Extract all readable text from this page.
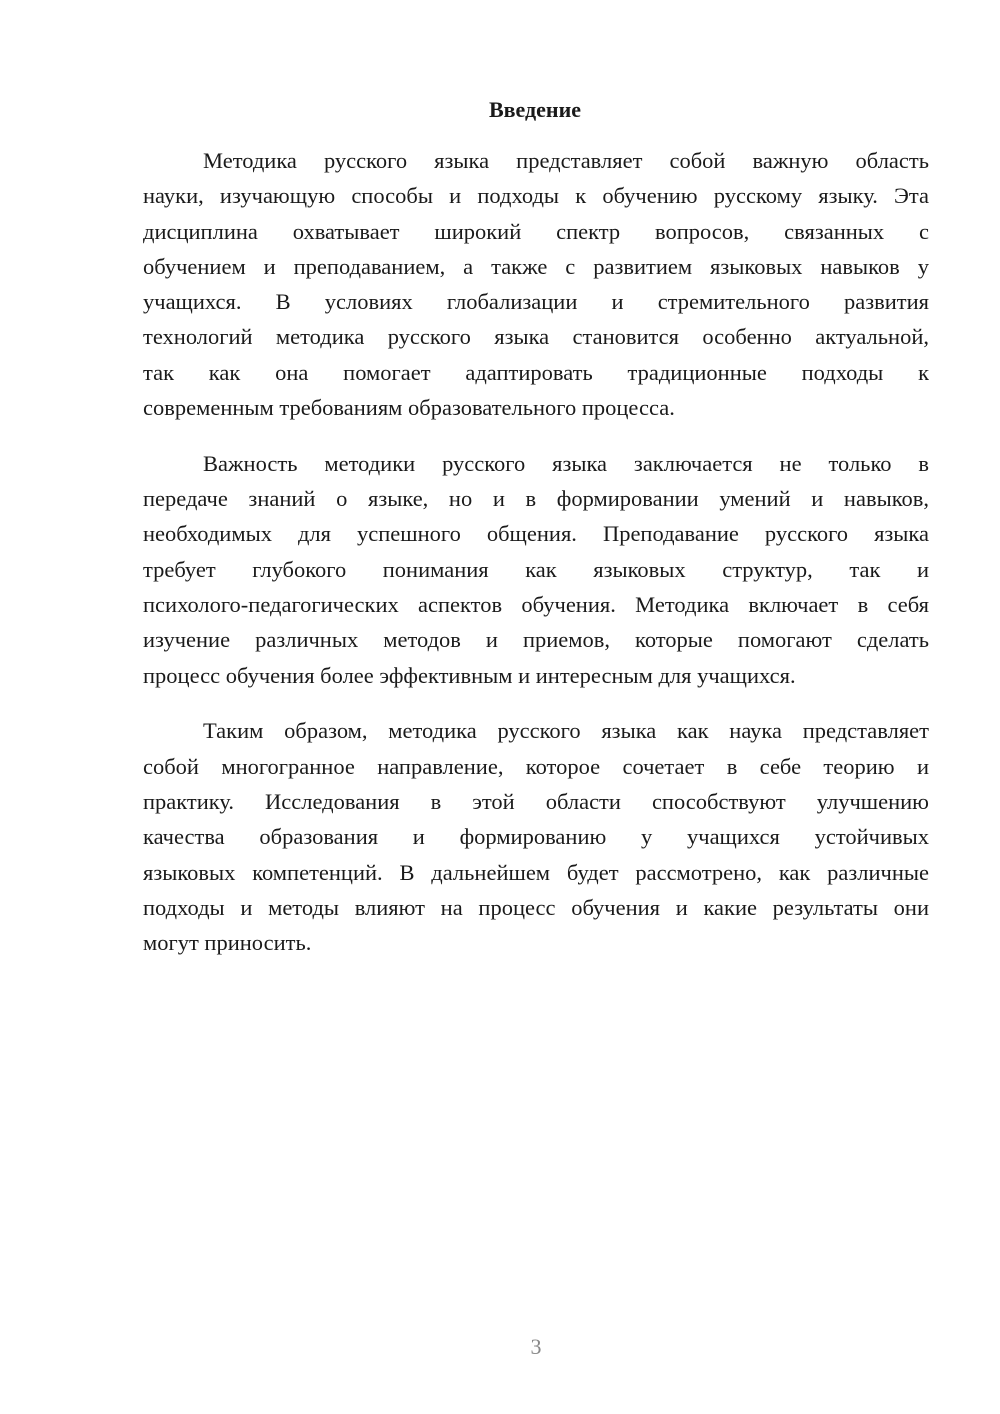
Введение
Методика русского языка представляет собой важную область
науки, изучающую способы и подходы к обучению русскому языку. Эта
дисциплина охватывает широкий спектр вопросов, связанных с
обучением и преподаванием, а также с развитием языковых навыков у
учащихся. В условиях глобализации и стремительного развития
технологий методика русского языка становится особенно актуальной,
так как она помогает адаптировать традиционные подходы к
современным требованиям образовательного процесса.
Важность методики русского языка заключается не только в
передаче знаний о языке, но и в формировании умений и навыков,
необходимых для успешного общения. Преподавание русского языка
требует глубокого понимания как языковых структур, так и
психолого-педагогических аспектов обучения. Методика включает в себя
изучение различных методов и приемов, которые помогают сделать
процесс обучения более эффективным и интересным для учащихся.
Таким образом, методика русского языка как наука представляет
собой многогранное направление, которое сочетает в себе теорию и
практику. Исследования в этой области способствуют улучшению
качества образования и формированию у учащихся устойчивых
языковых компетенций. В дальнейшем будет рассмотрено, как различные
подходы и методы влияют на процесс обучения и какие результаты они
могут приносить.
3
